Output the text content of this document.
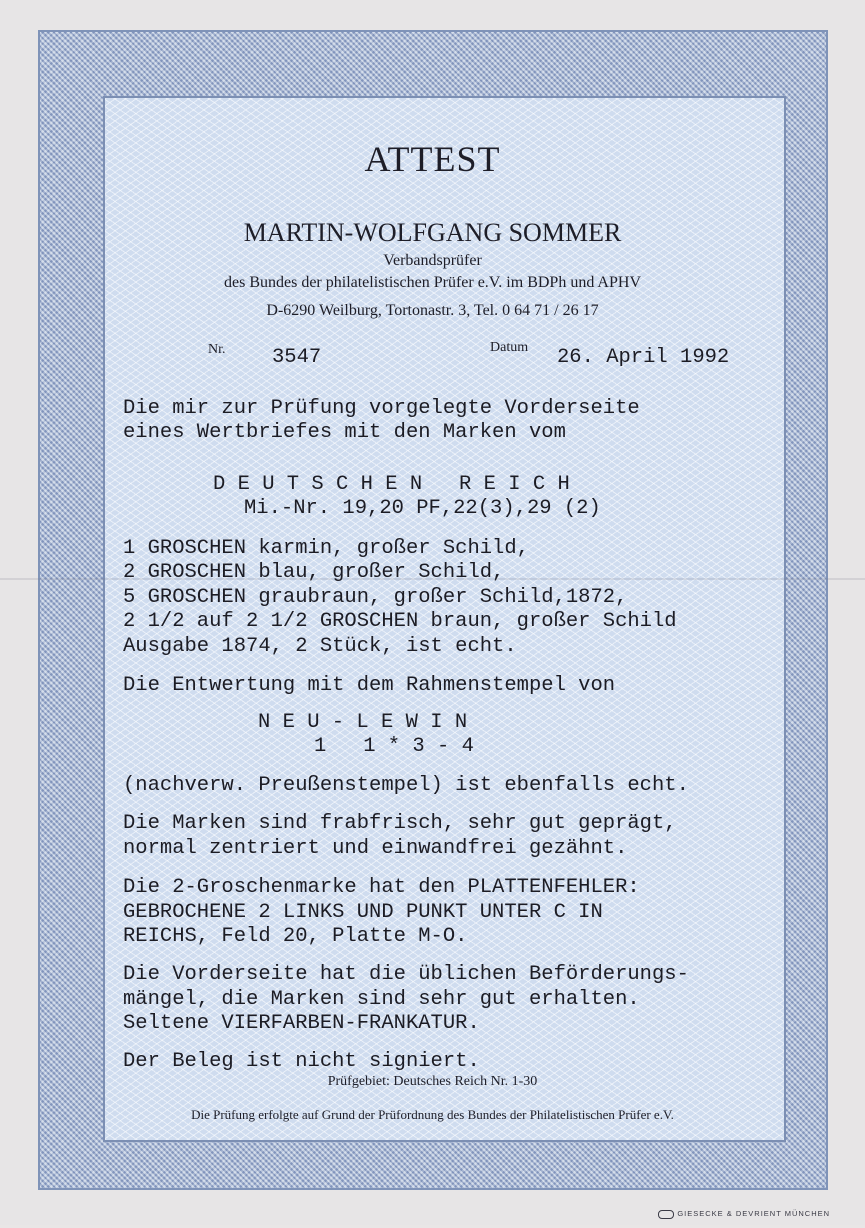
ATTEST
MARTIN-WOLFGANG SOMMER
Verbandsprüfer
des Bundes der philatelistischen Prüfer e.V. im BDPh und APHV
D-6290 Weilburg, Tortonastr. 3, Tel. 0 64 71 / 26 17
Nr. 3547	Datum 26. April 1992
Die mir zur Prüfung vorgelegte Vorderseite
eines Wertbriefes mit den Marken vom
D E U T S C H E N   R E I C H
Mi.-Nr. 19,20 PF,22(3),29 (2)
1 GROSCHEN karmin, großer Schild,
2 GROSCHEN blau, großer Schild,
5 GROSCHEN graubraun, großer Schild,1872,
2 1/2 auf 2 1/2 GROSCHEN braun, großer Schild
Ausgabe 1874, 2 Stück, ist echt.
Die Entwertung mit dem Rahmenstempel von
N E U - L E W I N
1   1 * 3 - 4
(nachverw. Preußenstempel) ist ebenfalls echt.
Die Marken sind frabfrisch, sehr gut geprägt,
normal zentriert und einwandfrei gezähnt.
Die 2-Groschenmarke hat den PLATTENFEHLER:
GEBROCHENE 2 LINKS UND PUNKT UNTER C IN
REICHS, Feld 20, Platte M-O.
Die Vorderseite hat die üblichen Beförderungs-
mängel, die Marken sind sehr gut erhalten.
Seltene VIERFARBEN-FRANKATUR.
Der Beleg ist nicht signiert.
Prüfgebiet: Deutsches Reich Nr. 1-30
Die Prüfung erfolgte auf Grund der Prüfordnung des Bundes der Philatelistischen Prüfer e.V.

GIESECKE & DEVRIENT MÜNCHEN
